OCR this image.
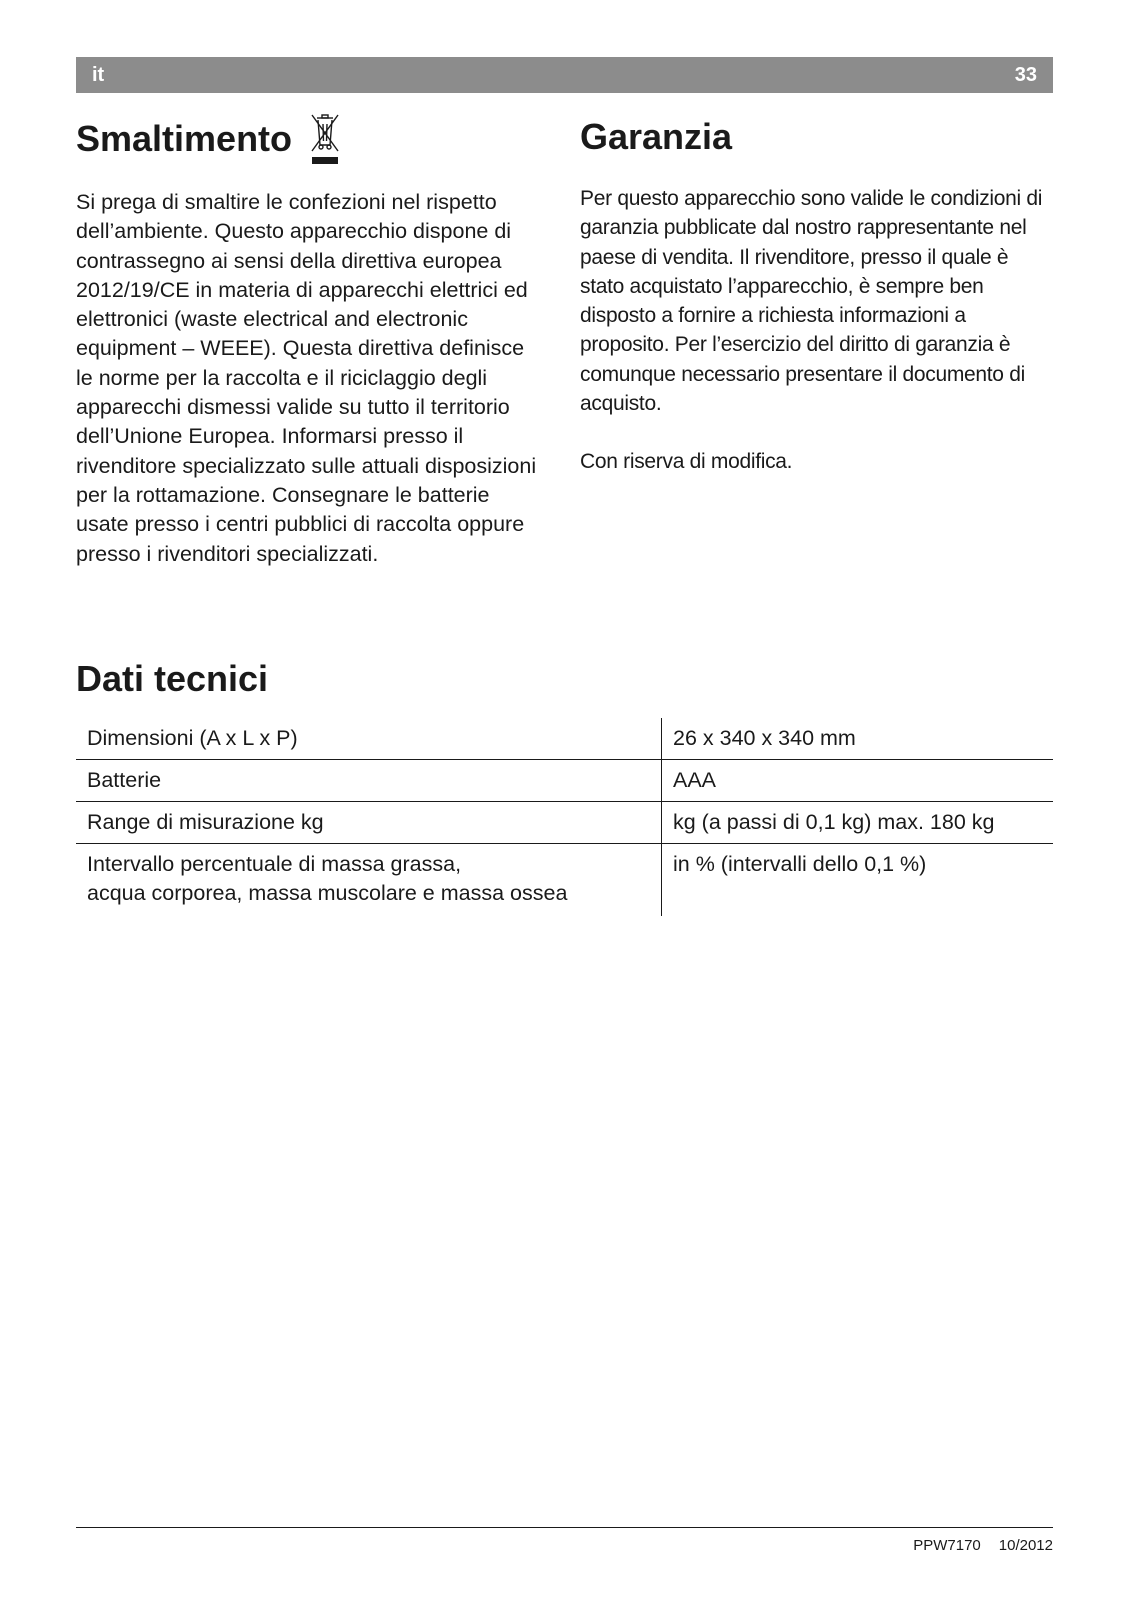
it	33
Smaltimento

Si prega di smaltire le confezioni nel rispetto dell’ambiente. Questo apparecchio dispone di contrassegno ai sensi della direttiva europea 2012/19/CE in materia di apparecchi elettrici ed elettronici (waste electrical and electronic equipment – WEEE). Questa direttiva definisce le norme per la raccolta e il riciclaggio degli apparecchi dismessi valide su tutto il territorio dell’Unione Europea. Informarsi presso il rivenditore specializzato sulle attuali disposizioni per la rottamazione. Consegnare le batterie usate presso i centri pubblici di raccolta oppure presso i rivenditori specializzati.

Garanzia

Per questo apparecchio sono valide le condizioni di garanzia pubblicate dal nostro rappresentante nel paese di vendita. Il rivenditore, presso il quale è stato acquistato l’apparecchio, è sempre ben disposto a fornire a richiesta informazioni a proposito. Per l’esercizio del diritto di garanzia è comunque necessario presentare il documento di acquisto.

Con riserva di modifica.

Dati tecnici
Dimensioni (A x L x P)	26 x 340 x 340 mm
Batterie	AAA
Range di misurazione kg	kg (a passi di 0,1 kg) max. 180 kg
Intervallo percentuale di massa grassa,
acqua corporea, massa muscolare e massa ossea	in % (intervalli dello 0,1 %)
PPW7170 10/2012
